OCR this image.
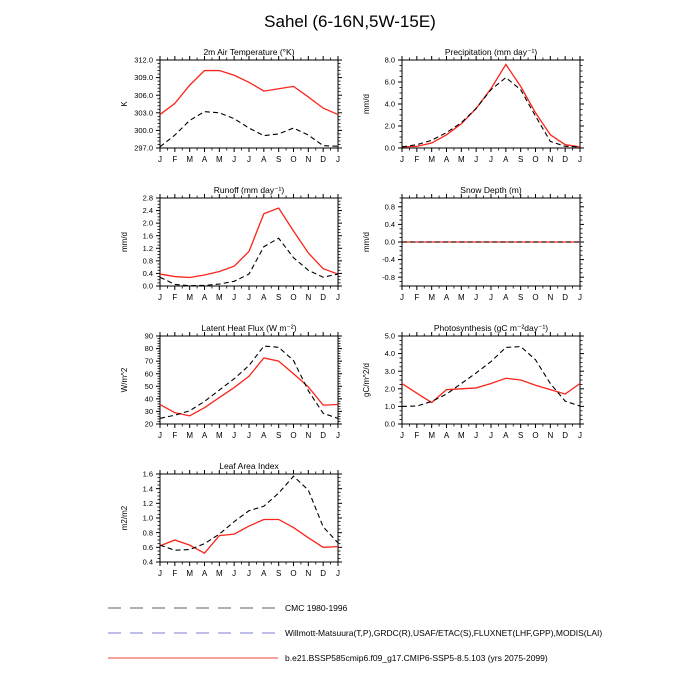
Sahel (6-16N,5W-15E)
J F M A M J J A S O N D J
297.0
300.0
303.0
306.0
309.0
312.0
2m Air Temperature (°K)
K
J F M A M J J A S O N D J
0.0
2.0
4.0
6.0
8.0
Precipitation (mm day⁻¹)
mm/d
J F M A M J J A S O N D J
0.0
0.4
0.8
1.2
1.6
2.0
2.4
2.8
Runoff (mm day⁻¹)
mm/d
J F M A M J J A S O N D J
-0.8
-0.4
0.0
0.4
0.8
Snow Depth (m)
mm/d
J F M A M J J A S O N D J
20
30
40
50
60
70
80
90
Latent Heat Flux (W m⁻²)
W/m^2
J F M A M J J A S O N D J
0.0
1.0
2.0
3.0
4.0
5.0
Photosynthesis (gC m⁻²day⁻¹)
gC/m^2/d
J F M A M J J A S O N D J
0.4
0.6
0.8
1.0
1.2
1.4
1.6
Leaf Area Index
m2/m2
CMC 1980-1996
Willmott-Matsuura(T,P),GRDC(R),USAF/ETAC(S),FLUXNET(LHF,GPP),MODIS(LAI)
b.e21.BSSP585cmip6.f09_g17.CMIP6-SSP5-8.5.103 (yrs 2075-2099)
